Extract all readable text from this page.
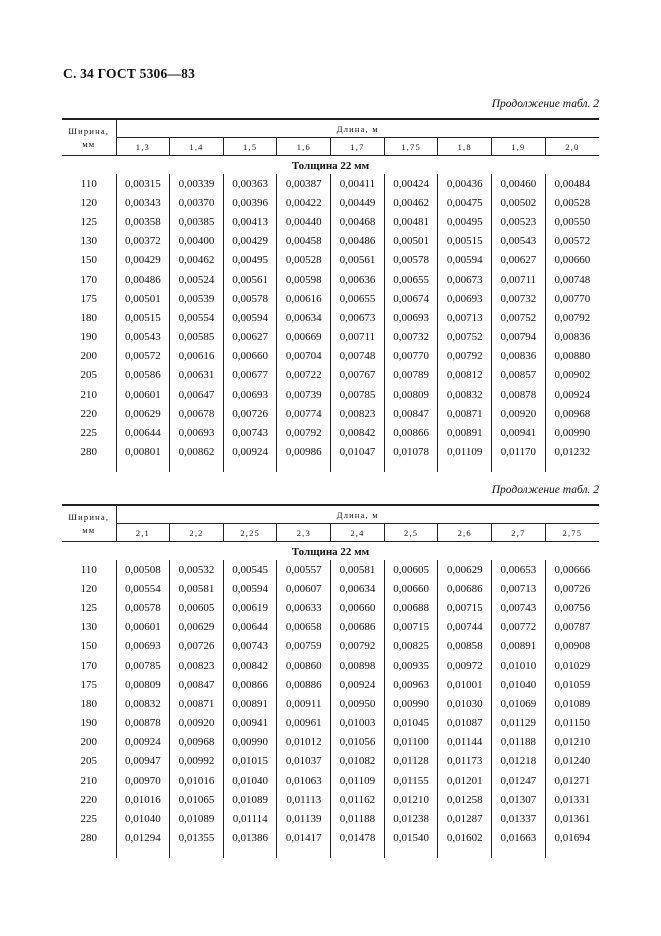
С. 34 ГОСТ 5306—83
Продолжение табл. 2
Ширина,
мм	Длина, м								
	1,3	1,4	1,5	1,6	1,7	1,75	1,8	1,9	2,0
Толщина 22 мм									
110	0,00315	0,00339	0,00363	0,00387	0,00411	0,00424	0,00436	0,00460	0,00484
120	0,00343	0,00370	0,00396	0,00422	0,00449	0,00462	0,00475	0,00502	0,00528
125	0,00358	0,00385	0,00413	0,00440	0,00468	0,00481	0,00495	0,00523	0,00550
130	0,00372	0,00400	0,00429	0,00458	0,00486	0,00501	0,00515	0,00543	0,00572
150	0,00429	0,00462	0,00495	0,00528	0,00561	0,00578	0,00594	0,00627	0,00660
170	0,00486	0,00524	0,00561	0,00598	0,00636	0,00655	0,00673	0,00711	0,00748
175	0,00501	0,00539	0,00578	0,00616	0,00655	0,00674	0,00693	0,00732	0,00770
180	0,00515	0,00554	0,00594	0,00634	0,00673	0,00693	0,00713	0,00752	0,00792
190	0,00543	0,00585	0,00627	0,00669	0,00711	0,00732	0,00752	0,00794	0,00836
200	0,00572	0,00616	0,00660	0,00704	0,00748	0,00770	0,00792	0,00836	0,00880
205	0,00586	0,00631	0,00677	0,00722	0,00767	0,00789	0,00812	0,00857	0,00902
210	0,00601	0,00647	0,00693	0,00739	0,00785	0,00809	0,00832	0,00878	0,00924
220	0,00629	0,00678	0,00726	0,00774	0,00823	0,00847	0,00871	0,00920	0,00968
225	0,00644	0,00693	0,00743	0,00792	0,00842	0,00866	0,00891	0,00941	0,00990
280	0,00801	0,00862	0,00924	0,00986	0,01047	0,01078	0,01109	0,01170	0,01232

Продолжение табл. 2
Ширина,
мм	Длина, м								
	2,1	2,2	2,25	2,3	2,4	2,5	2,6	2,7	2,75
Толщина 22 мм									
110	0,00508	0,00532	0,00545	0,00557	0,00581	0,00605	0,00629	0,00653	0,00666
120	0,00554	0,00581	0,00594	0,00607	0,00634	0,00660	0,00686	0,00713	0,00726
125	0,00578	0,00605	0,00619	0,00633	0,00660	0,00688	0,00715	0,00743	0,00756
130	0,00601	0,00629	0,00644	0,00658	0,00686	0,00715	0,00744	0,00772	0,00787
150	0,00693	0,00726	0,00743	0,00759	0,00792	0,00825	0,00858	0,00891	0,00908
170	0,00785	0,00823	0,00842	0,00860	0,00898	0,00935	0,00972	0,01010	0,01029
175	0,00809	0,00847	0,00866	0,00886	0,00924	0,00963	0,01001	0,01040	0,01059
180	0,00832	0,00871	0,00891	0,00911	0,00950	0,00990	0,01030	0,01069	0,01089
190	0,00878	0,00920	0,00941	0,00961	0,01003	0,01045	0,01087	0,01129	0,01150
200	0,00924	0,00968	0,00990	0,01012	0,01056	0,01100	0,01144	0,01188	0,01210
205	0,00947	0,00992	0,01015	0,01037	0,01082	0,01128	0,01173	0,01218	0,01240
210	0,00970	0,01016	0,01040	0,01063	0,01109	0,01155	0,01201	0,01247	0,01271
220	0,01016	0,01065	0,01089	0,01113	0,01162	0,01210	0,01258	0,01307	0,01331
225	0,01040	0,01089	0,01114	0,01139	0,01188	0,01238	0,01287	0,01337	0,01361
280	0,01294	0,01355	0,01386	0,01417	0,01478	0,01540	0,01602	0,01663	0,01694
